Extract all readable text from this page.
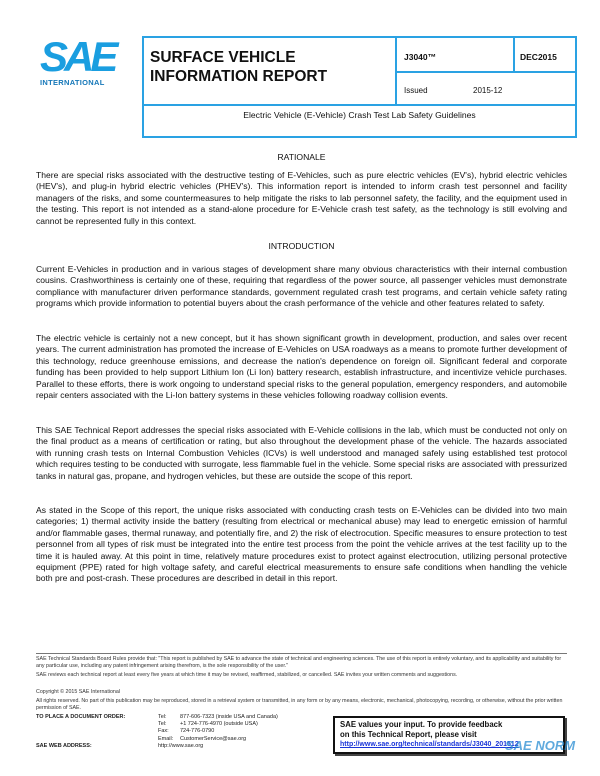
SAE
INTERNATIONAL
SURFACE VEHICLE
INFORMATION REPORT
J3040™	DEC2015
Issued	2015-12
Electric Vehicle (E-Vehicle) Crash Test Lab Safety Guidelines
RATIONALE
There are special risks associated with the destructive testing of E-Vehicles, such as pure electric vehicles (EV's), hybrid electric vehicles (HEV's), and plug-in hybrid electric vehicles (PHEV's). This information report is intended to inform crash test personnel and facility managers of the risks, and some countermeasures to help mitigate the risks to lab personnel safety, the facility, and the equipment used in the testing. This report is not intended as a stand-alone procedure for E-Vehicle crash test safety, as the technology is still evolving and cannot be represented fully in this context.
INTRODUCTION
Current E-Vehicles in production and in various stages of development share many obvious characteristics with their internal combustion cousins. Crashworthiness is certainly one of these, requiring that regardless of the power source, all passenger vehicles must demonstrate compliance with manufacturer driven performance standards, government regulated crash test programs, and certain vehicle safety rating programs which provide information to potential buyers about the crash performance of the vehicle and other features related to safety.
The electric vehicle is certainly not a new concept, but it has shown significant growth in development, production, and sales over recent years. The current administration has promoted the increase of E-Vehicles on USA roadways as a means to promote further development of this technology, reduce greenhouse emissions, and decrease the nation's dependence on foreign oil. Significant federal and corporate funding has been provided to help support Lithium Ion (Li Ion) battery research, establish infrastructure, and incentivize vehicle purchases. Parallel to these efforts, there is work ongoing to understand special risks to the general population, emergency responders, and automobile repair centers associated with the Li-Ion battery systems in these vehicles following roadway collision events.
This SAE Technical Report addresses the special risks associated with E-Vehicle collisions in the lab, which must be conducted not only on the final product as a means of certification or rating, but also throughout the development phase of the vehicle. The hazards associated with running crash tests on Internal Combustion Vehicles (ICVs) is well understood and managed safely using established test protocol which requires testing to be conducted with surrogate, less flammable fuel in the vehicle. Some special risks are associated with pressurized tanks in natural gas, propane, and hydrogen vehicles, but these are outside the scope of this report.
As stated in the Scope of this report, the unique risks associated with conducting crash tests on E-Vehicles can be divided into two main categories; 1) thermal activity inside the battery (resulting from electrical or mechanical abuse) may lead to energetic emission of harmful and/or flammable gases, thermal runaway, and potentially fire, and 2) the risk of electrocution. Specific measures to ensure protection to test personnel from all types of risk must be integrated into the entire test process from the point the vehicle arrives at the test facility up to the time it is hauled away. At this point in time, relatively mature procedures exist to protect against electrocution, utilizing personal protective equipment (PPE) rated for high voltage safety, and careful electrical measurements to ensure safe conditions when handling the vehicle both pre and post-crash. These procedures are described in detail in this report.
SAE Technical Standards Board Rules provide that: "This report is published by SAE to advance the state of technical and engineering sciences. The use of this report is entirely voluntary, and its applicability and suitability for any particular use, including any patent infringement arising therefrom, is the sole responsibility of the user."
SAE reviews each technical report at least every five years at which time it may be revised, reaffirmed, stabilized, or cancelled. SAE invites your written comments and suggestions.
Copyright © 2015 SAE International
All rights reserved. No part of this publication may be reproduced, stored in a retrieval system or transmitted, in any form or by any means, electronic, mechanical, photocopying, recording, or otherwise, without the prior written permission of SAE.
TO PLACE A DOCUMENT ORDER:
SAE WEB ADDRESS:
Tel: 877-606-7323 (inside USA and Canada)
Tel: +1 724-776-4970 (outside USA)
Fax: 724-776-0790
Email: CustomerService@sae.org
http://www.sae.org
SAE values your input. To provide feedback
on this Technical Report, please visit
http://www.sae.org/technical/standards/J3040_201512
SAE NORM
